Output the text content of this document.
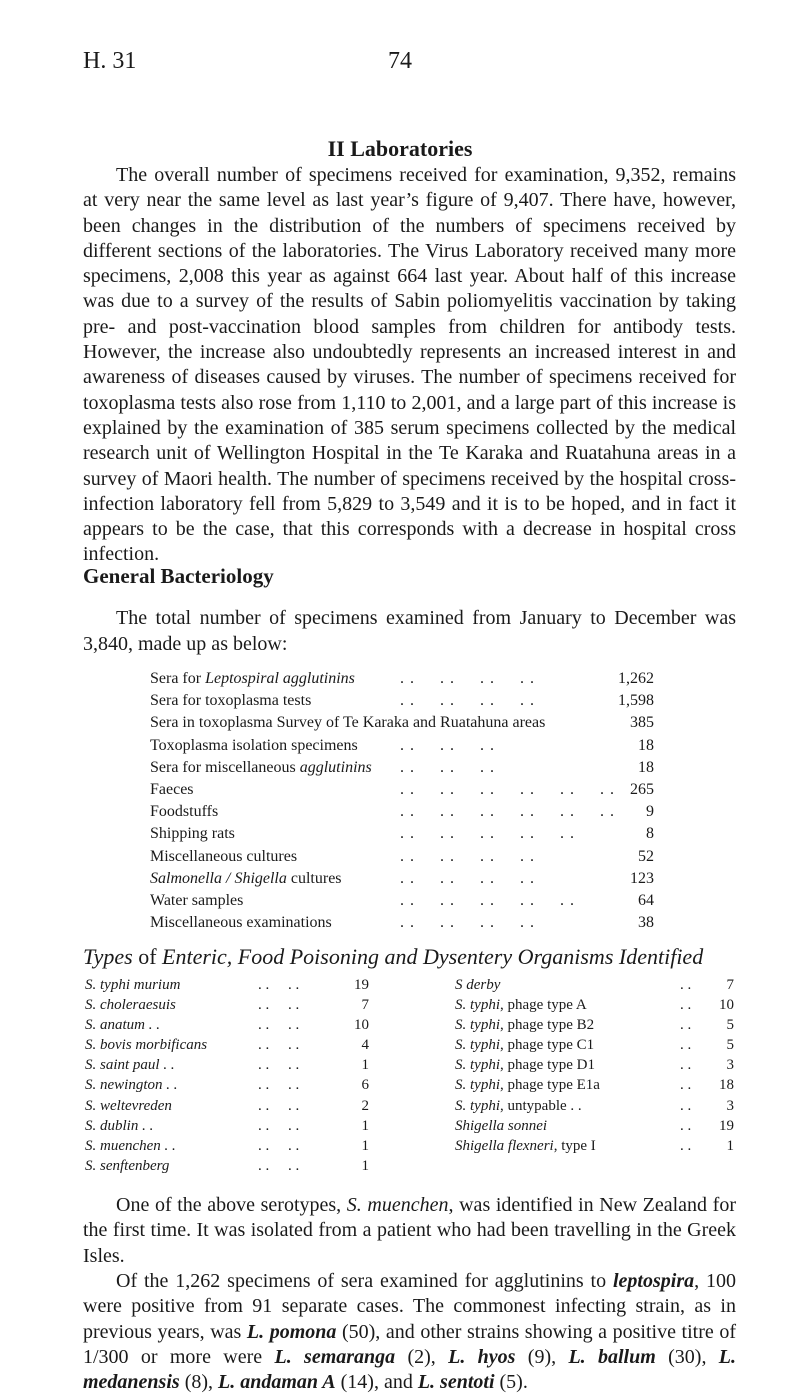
H. 31	74
II Laboratories

The overall number of specimens received for examination, 9,352, remains at very near the same level as last year’s figure of 9,407. There have, however, been changes in the distribution of the numbers of specimens received by different sections of the laboratories. The Virus Laboratory received many more specimens, 2,008 this year as against 664 last year. About half of this increase was due to a survey of the results of Sabin poliomyelitis vaccination by taking pre- and post-vaccination blood samples from children for antibody tests. However, the increase also undoubtedly represents an increased interest in and awareness of diseases caused by viruses. The number of specimens received for toxoplasma tests also rose from 1,110 to 2,001, and a large part of this increase is explained by the examination of 385 serum specimens collected by the medical research unit of Wellington Hospital in the Te Karaka and Ruatahuna areas in a survey of Maori health. The number of specimens received by the hospital cross-infection laboratory fell from 5,829 to 3,549 and it is to be hoped, and in fact it appears to be the case, that this corresponds with a decrease in hospital cross infection.

General Bacteriology

The total number of specimens examined from January to December was 3,840, made up as below:

Sera for Leptospiral agglutinins	. .     . .     . .     . .	1,262
Sera for toxoplasma tests	. .     . .     . .     . .	1,598
Sera in toxoplasma Survey of Te Karaka and Ruatahuna areas	385
Toxoplasma isolation specimens	. .     . .     . .	18
Sera for miscellaneous agglutinins . .     . .     . .	18
Faeces	. .     . .     . .     . .     . .     . . 265
Foodstuffs	. .     . .     . .     . .     . .     . . 9
Shipping rats	. .     . .     . .     . .     . .	8
Miscellaneous cultures	. .     . .     . .     . .	52
Salmonella / Shigella cultures	. .     . .     . .     . .	123
Water samples	. .     . .     . .     . .     . .	64
Miscellaneous examinations	. .     . .     . .     . .	38
Types of Enteric, Food Poisoning and Dysentery Organisms Identified
S. typhi murium	. .     . .	19	S derby	. .	7
S. choleraesuis	. .     . .	7	S. typhi, phage type A	. .	10
S. anatum . .	. .     . .	10	S. typhi, phage type B2	. .	5
S. bovis morbificans	. .     . .	4	S. typhi, phage type C1	. .	5
S. saint paul . .	. .     . .	1	S. typhi, phage type D1	. .	3
S. newington . .	. .     . .	6	S. typhi, phage type E1a	. .	18
S. weltevreden	. .     . .	2	S. typhi, untypable . .	. .	3
S. dublin . .	. .     . .	1	Shigella sonnei	. .	19
S. muenchen . .	. .     . .	1	Shigella flexneri, type I	. .	1
S. senftenberg	. .     . .	1

One of the above serotypes, S. muenchen, was identified in New Zealand for the first time. It was isolated from a patient who had been travelling in the Greek Isles.

Of the 1,262 specimens of sera examined for agglutinins to leptospira, 100 were positive from 91 separate cases. The commonest infecting strain, as in previous years, was L. pomona (50), and other strains showing a positive titre of 1/300 or more were L. semaranga (2), L. hyos (9), L. ballum (30), L. medanensis (8), L. andaman A (14), and L. sentoti (5).
